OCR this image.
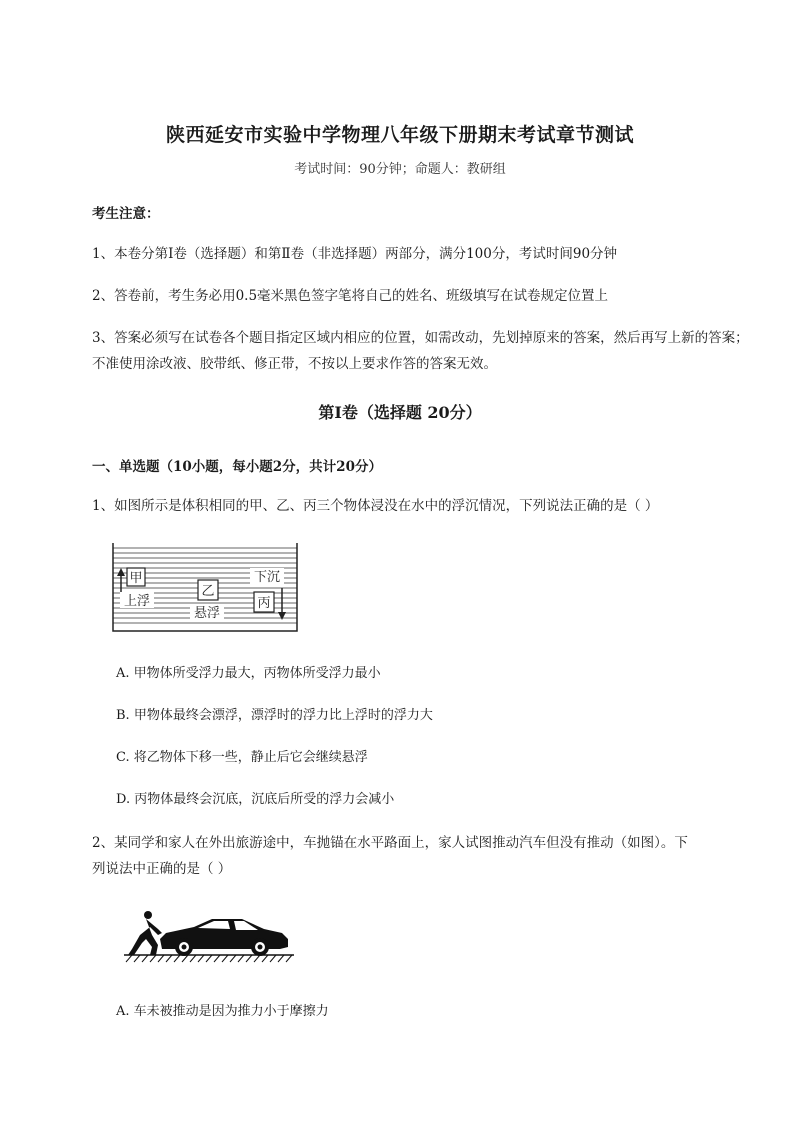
陕西延安市实验中学物理八年级下册期末考试章节测试
考试时间：90分钟；命题人：教研组
考生注意：
1、本卷分第I卷（选择题）和第Ⅱ卷（非选择题）两部分，满分100分，考试时间90分钟
2、答卷前，考生务必用0.5毫米黑色签字笔将自己的姓名、班级填写在试卷规定位置上
3、答案必须写在试卷各个题目指定区域内相应的位置，如需改动，先划掉原来的答案，然后再写上新的答案；不准使用涂改液、胶带纸、修正带，不按以上要求作答的答案无效。
第I卷（选择题 20分）
一、单选题（10小题，每小题2分，共计20分）
1、如图所示是体积相同的甲、乙、丙三个物体浸没在水中的浮沉情况，下列说法正确的是（ ）
甲
上浮
乙
悬浮
下沉
丙
A. 甲物体所受浮力最大，丙物体所受浮力最小
B. 甲物体最终会漂浮，漂浮时的浮力比上浮时的浮力大
C. 将乙物体下移一些，静止后它会继续悬浮
D. 丙物体最终会沉底，沉底后所受的浮力会减小
2、某同学和家人在外出旅游途中，车抛锚在水平路面上，家人试图推动汽车但没有推动（如图）。下
列说法中正确的是（ ）
A. 车未被推动是因为推力小于摩擦力
